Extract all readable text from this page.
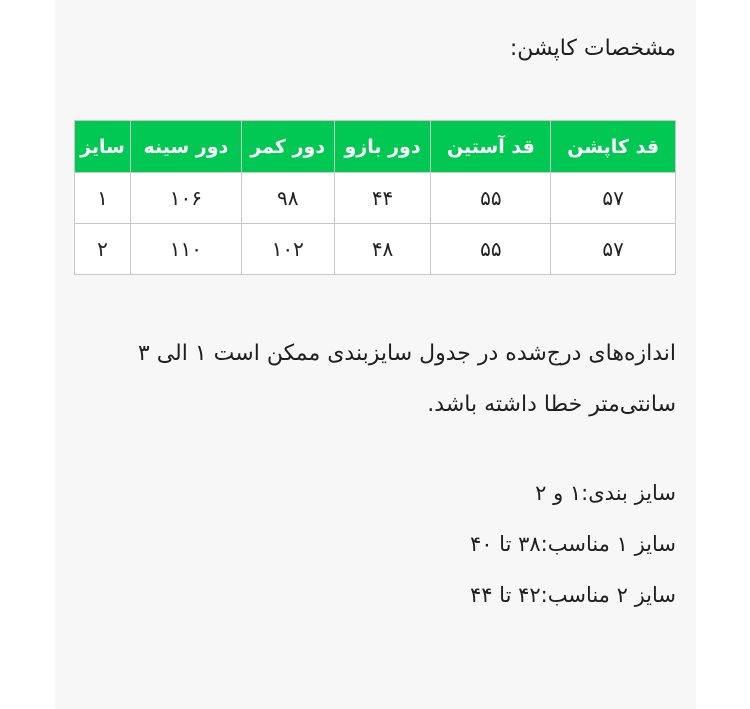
مشخصات کاپشن:
قد کاپشن	قد آستین	دور بازو	دور کمر	دور سینه	سایز
۵۷	۵۵	۴۴	۹۸	۱۰۶	۱
۵۷	۵۵	۴۸	۱۰۲	۱۱۰	۲

اندازه‌های درج‌شده در جدول سایزبندی ممکن است ۱ الی ۳ سانتی‌متر خطا داشته باشد.

سایز بندی:۱ و ۲

سایز ۱ مناسب:۳۸ تا ۴۰

سایز ۲ مناسب:۴۲ تا ۴۴
